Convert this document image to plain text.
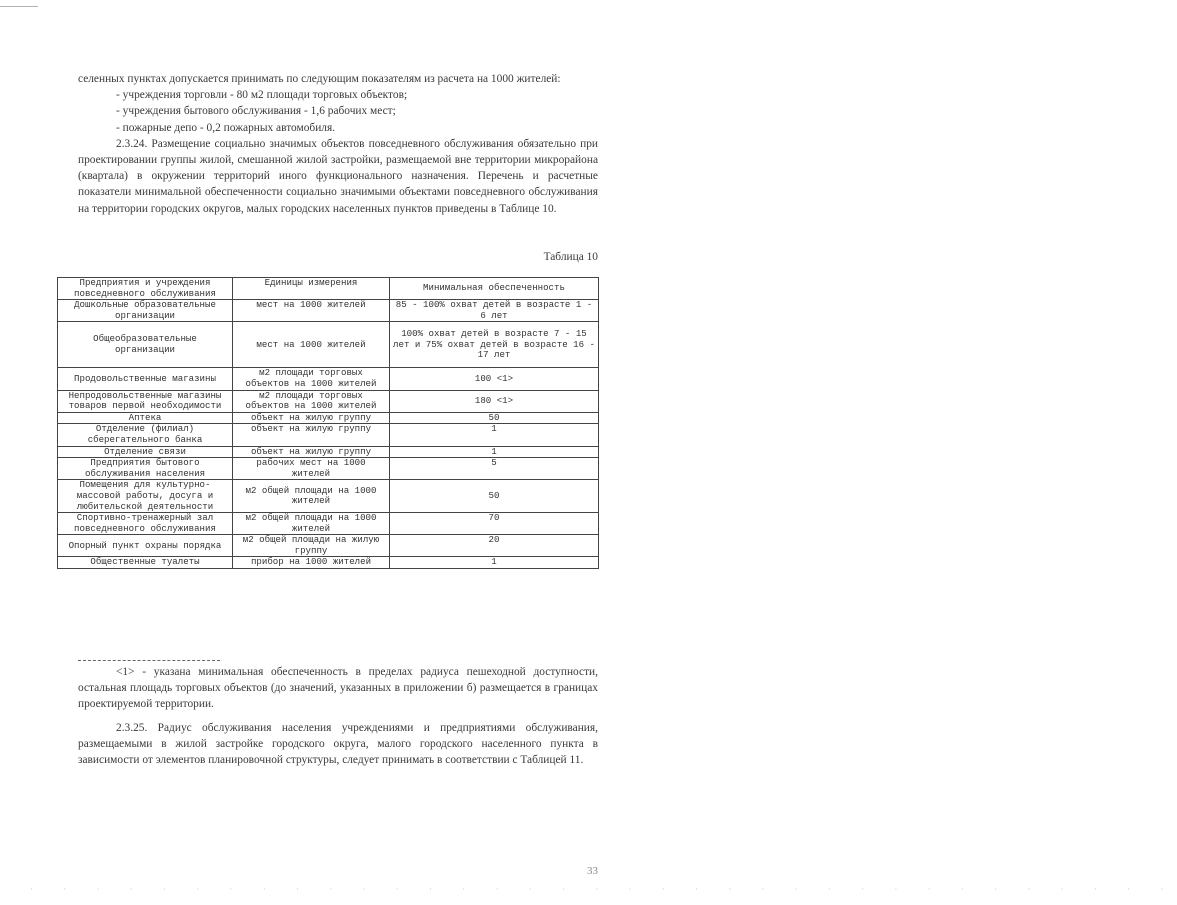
селенных пунктах допускается принимать по следующим показателям из расчета на 1000 жителей:

- учреждения торговли - 80 м2 площади торговых объектов;

- учреждения бытового обслуживания - 1,6 рабочих мест;

- пожарные депо - 0,2 пожарных автомобиля.

2.3.24. Размещение социально значимых объектов повседневного обслуживания обязательно при проектировании группы жилой, смешанной жилой застройки, размещаемой вне территории микрорайона (квартала) в окружении территорий иного функционального назначения. Перечень и расчетные показатели минимальной обеспеченности социально значимыми объектами повседневного обслуживания на территории городских округов, малых городских населенных пунктов приведены в Таблице 10.

Таблица 10
Предприятия и учреждения повседневного обслуживания	Единицы измерения	Минимальная обеспеченность
Дошкольные образовательные организации	мест на 1000 жителей	85 - 100% охват детей в возрасте 1 - 6 лет
Общеобразовательные организации	мест на 1000 жителей	100% охват детей в возрасте 7 - 15 лет и 75% охват детей в возрасте 16 - 17 лет
Продовольственные магазины	м2 площади торговых объектов на 1000 жителей	100 <1>
Непродовольственные магазины товаров первой необходимости	м2 площади торговых объектов на 1000 жителей	180 <1>
Аптека	объект на жилую группу	50
Отделение (филиал) сберегательного банка	объект на жилую группу	1
Отделение связи	объект на жилую группу	1
Предприятия бытового обслуживания населения	рабочих мест на 1000 жителей	5
Помещения для культурно-массовой работы, досуга и любительской деятельности	м2 общей площади на 1000 жителей	50
Спортивно-тренажерный зал повседневного обслуживания	м2 общей площади на 1000 жителей	70
Опорный пункт охраны порядка	м2 общей площади на жилую группу	20
Общественные туалеты	прибор на 1000 жителей	1

<1> - указана минимальная обеспеченность в пределах радиуса пешеходной доступности, остальная площадь торговых объектов (до значений, указанных в приложении б) размещается в границах проектируемой территории.

2.3.25. Радиус обслуживания населения учреждениями и предприятиями обслуживания, размещаемыми в жилой застройке городского округа, малого городского населенного пункта в зависимости от элементов планировочной структуры, следует принимать в соответствии с Таблицей 11.

33
· · · · · · · · · · · · · · · · · · · · · · · · · · · · · · · · · · ·
